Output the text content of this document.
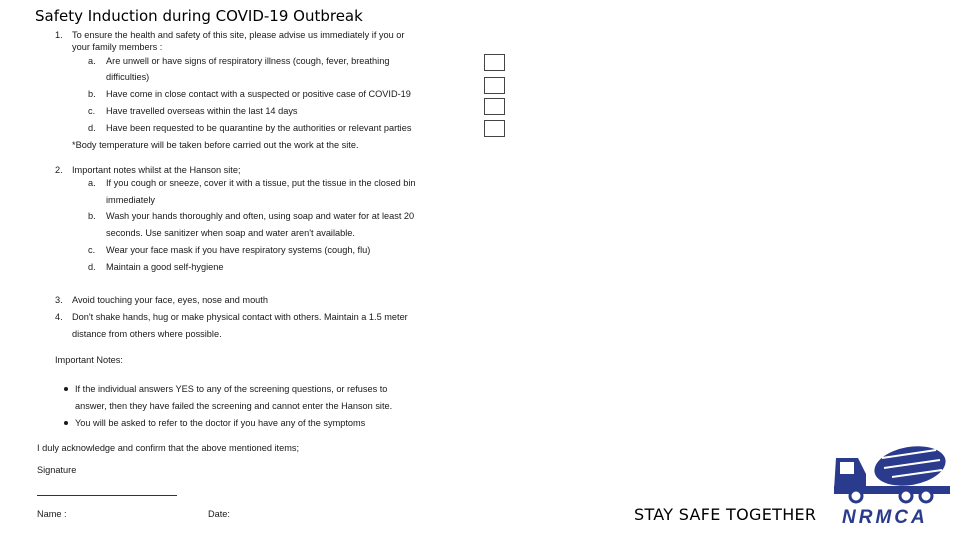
Safety Induction during COVID-19 Outbreak
1. To ensure the health and safety of this site, please advise us immediately if you or
your family members :
a. Are unwell or have signs of respiratory illness (cough, fever, breathing
difficulties)
b. Have come in close contact with a suspected or positive case of COVID-19
c. Have travelled overseas within the last 14 days
d. Have been requested to be quarantine by the authorities or relevant parties
*Body temperature will be taken before carried out the work at the site.
2. Important notes whilst at the Hanson site;
a. If you cough or sneeze, cover it with a tissue, put the tissue in the closed bin
immediately
b. Wash your hands thoroughly and often, using soap and water for at least 20
seconds. Use sanitizer when soap and water aren't available.
c. Wear your face mask if you have respiratory systems (cough, flu)
d. Maintain a good self-hygiene
3. Avoid touching your face, eyes, nose and mouth
4. Don't shake hands, hug or make physical contact with others. Maintain a 1.5 meter
distance from others where possible.
Important Notes:
If the individual answers YES to any of the screening questions, or refuses to
answer, then they have failed the screening and cannot enter the Hanson site.
You will be asked to refer to the doctor if you have any of the symptoms
I duly acknowledge and confirm that the above mentioned items;
Signature
Name :	Date:	STAY SAFE TOGETHER NRMCA
